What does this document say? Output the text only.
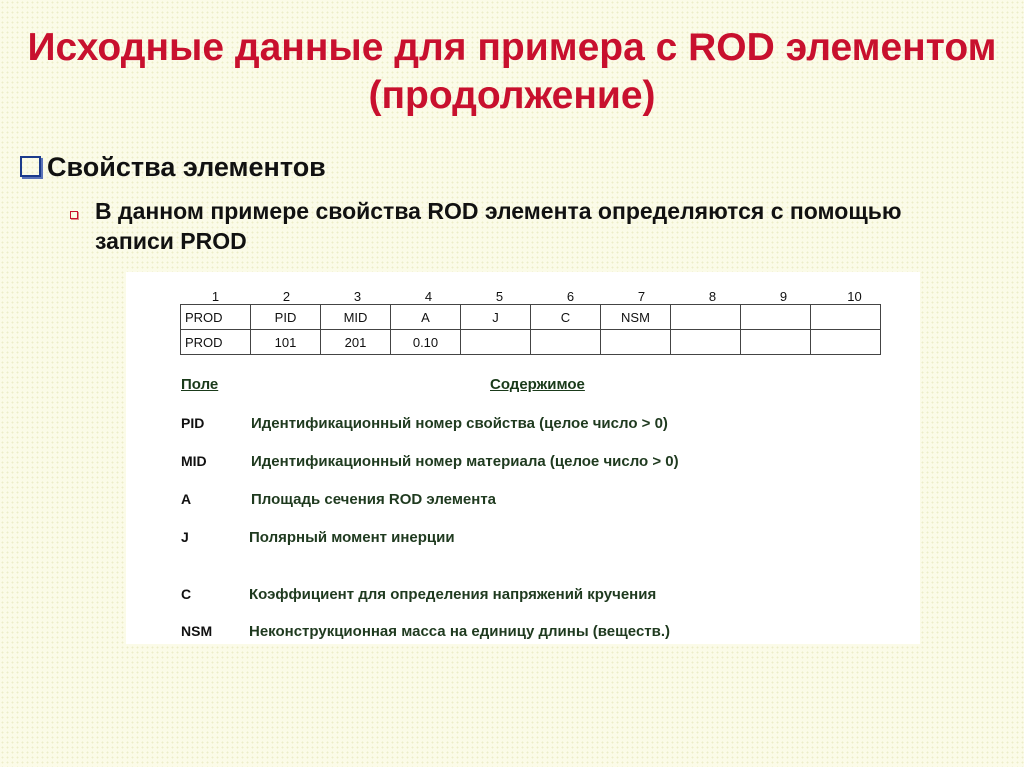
Исходные данные для примера с ROD элементом (продолжение)
Свойства элементов
В данном примере свойства ROD элемента определяются с помощью записи PROD
1	2	3	4	5	6	7	8	9	10
PROD	PID	MID	A	J	C	NSM			
PROD	101	201	0.10						
Поле	Содержимое
PID	Идентификационный номер свойства (целое число > 0)
MID	Идентификационный номер материала (целое число > 0)
A	Площадь сечения ROD элемента
J	Полярный момент инерции
C	Коэффициент для определения напряжений кручения
NSM Неконструкционная масса на единицу длины (веществ.)
